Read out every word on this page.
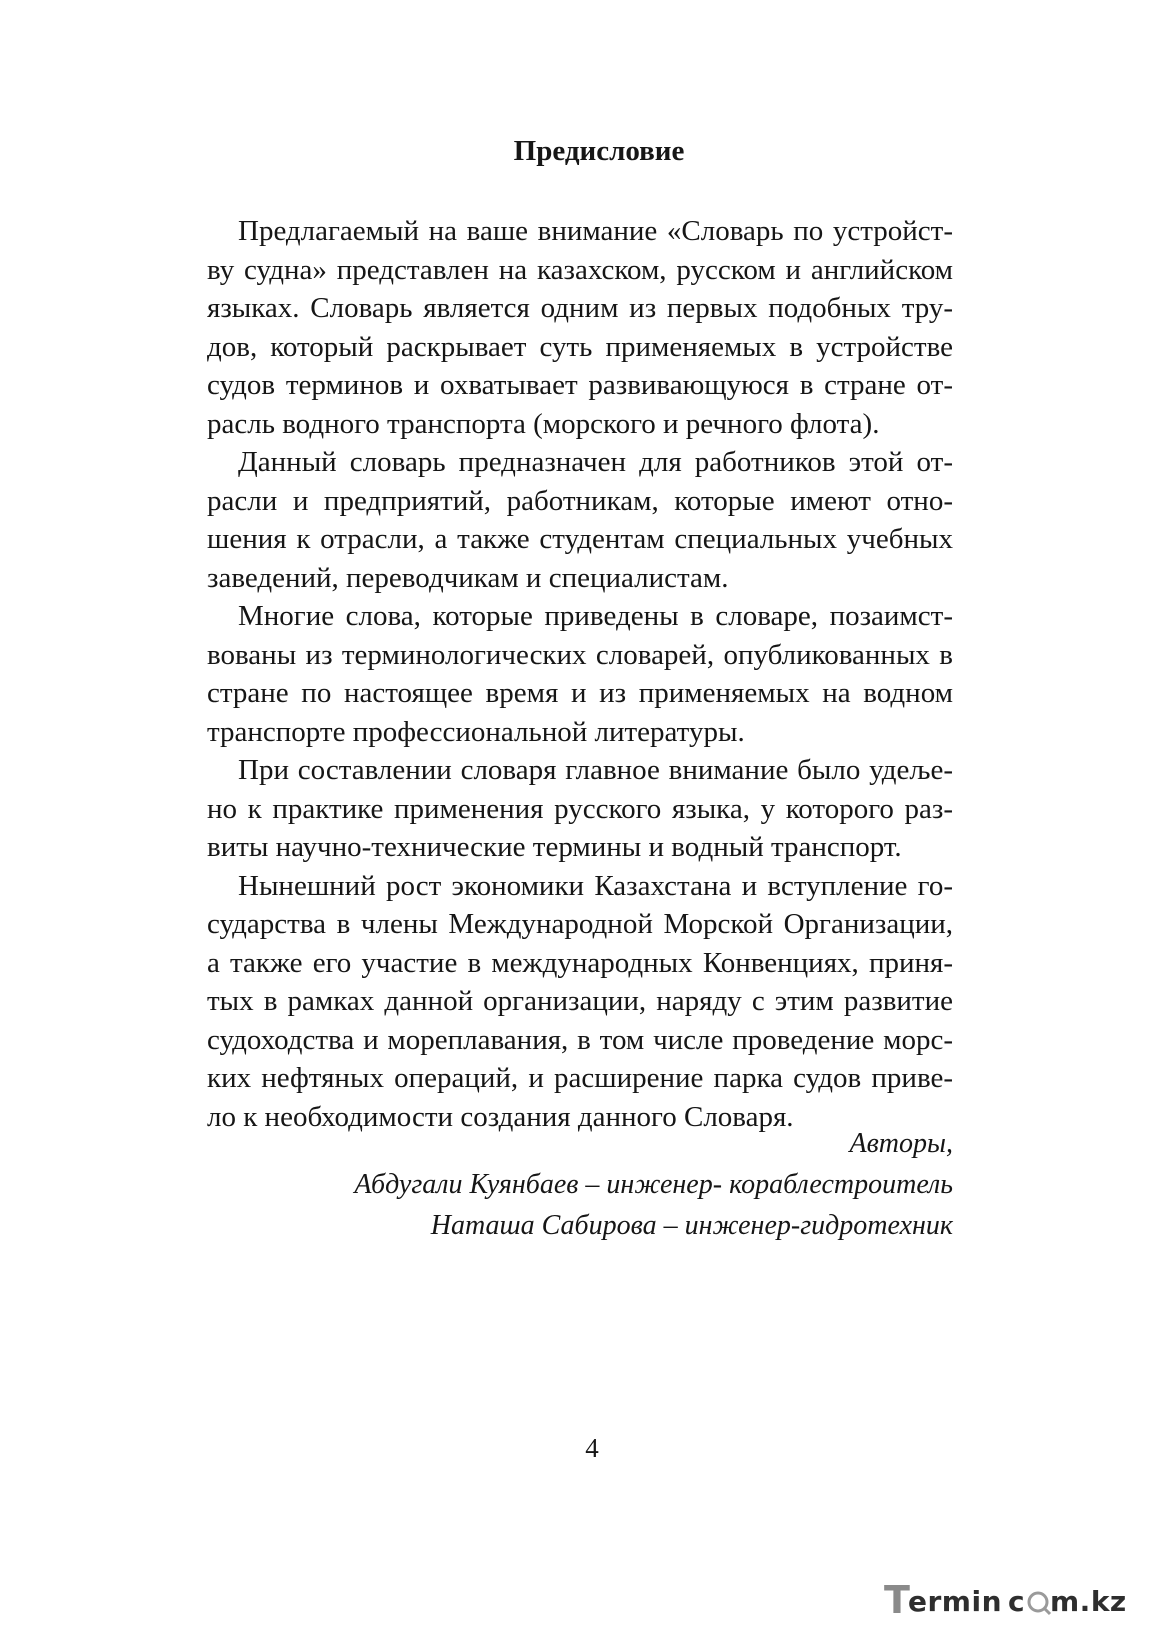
Предисловие
Предлагаемый на ваше внимание «Словарь по устройст-
ву судна» представлен на казахском, русском и английском
языках. Словарь является одним из первых подобных тру-
дов, который раскрывает суть применяемых в устройстве
судов терминов и охватывает развивающуюся в стране от-
расль водного транспорта (морского и речного флота).
Данный словарь предназначен для работников этой от-
расли и предприятий, работникам, которые имеют отно-
шения к отрасли, а также студентам специальных учебных
заведений, переводчикам и специалистам.
Многие слова, которые приведены в словаре, позаимст-
вованы из терминологических словарей, опубликованных в
стране по настоящее время и из применяемых на водном
транспорте профессиональной литературы.
При составлении словаря главное внимание было удеље-
но к практике применения русского языка, у которого раз-
виты научно-технические термины и водный транспорт.
Нынешний рост экономики Казахстана и вступление го-
сударства в члены Международной Морской Организации,
а также его участие в международных Конвенциях, приня-
тых в рамках данной организации, наряду с этим развитие
судоходства и мореплавания, в том числе проведение морс-
ких нефтяных операций, и расширение парка судов приве-
ло к необходимости создания данного Словаря.
Авторы,
Абдугали Куянбаев – инженер- кораблестроитель
Наташа Сабирова – инженер-гидротехник
4
T
ermin c m.kz
